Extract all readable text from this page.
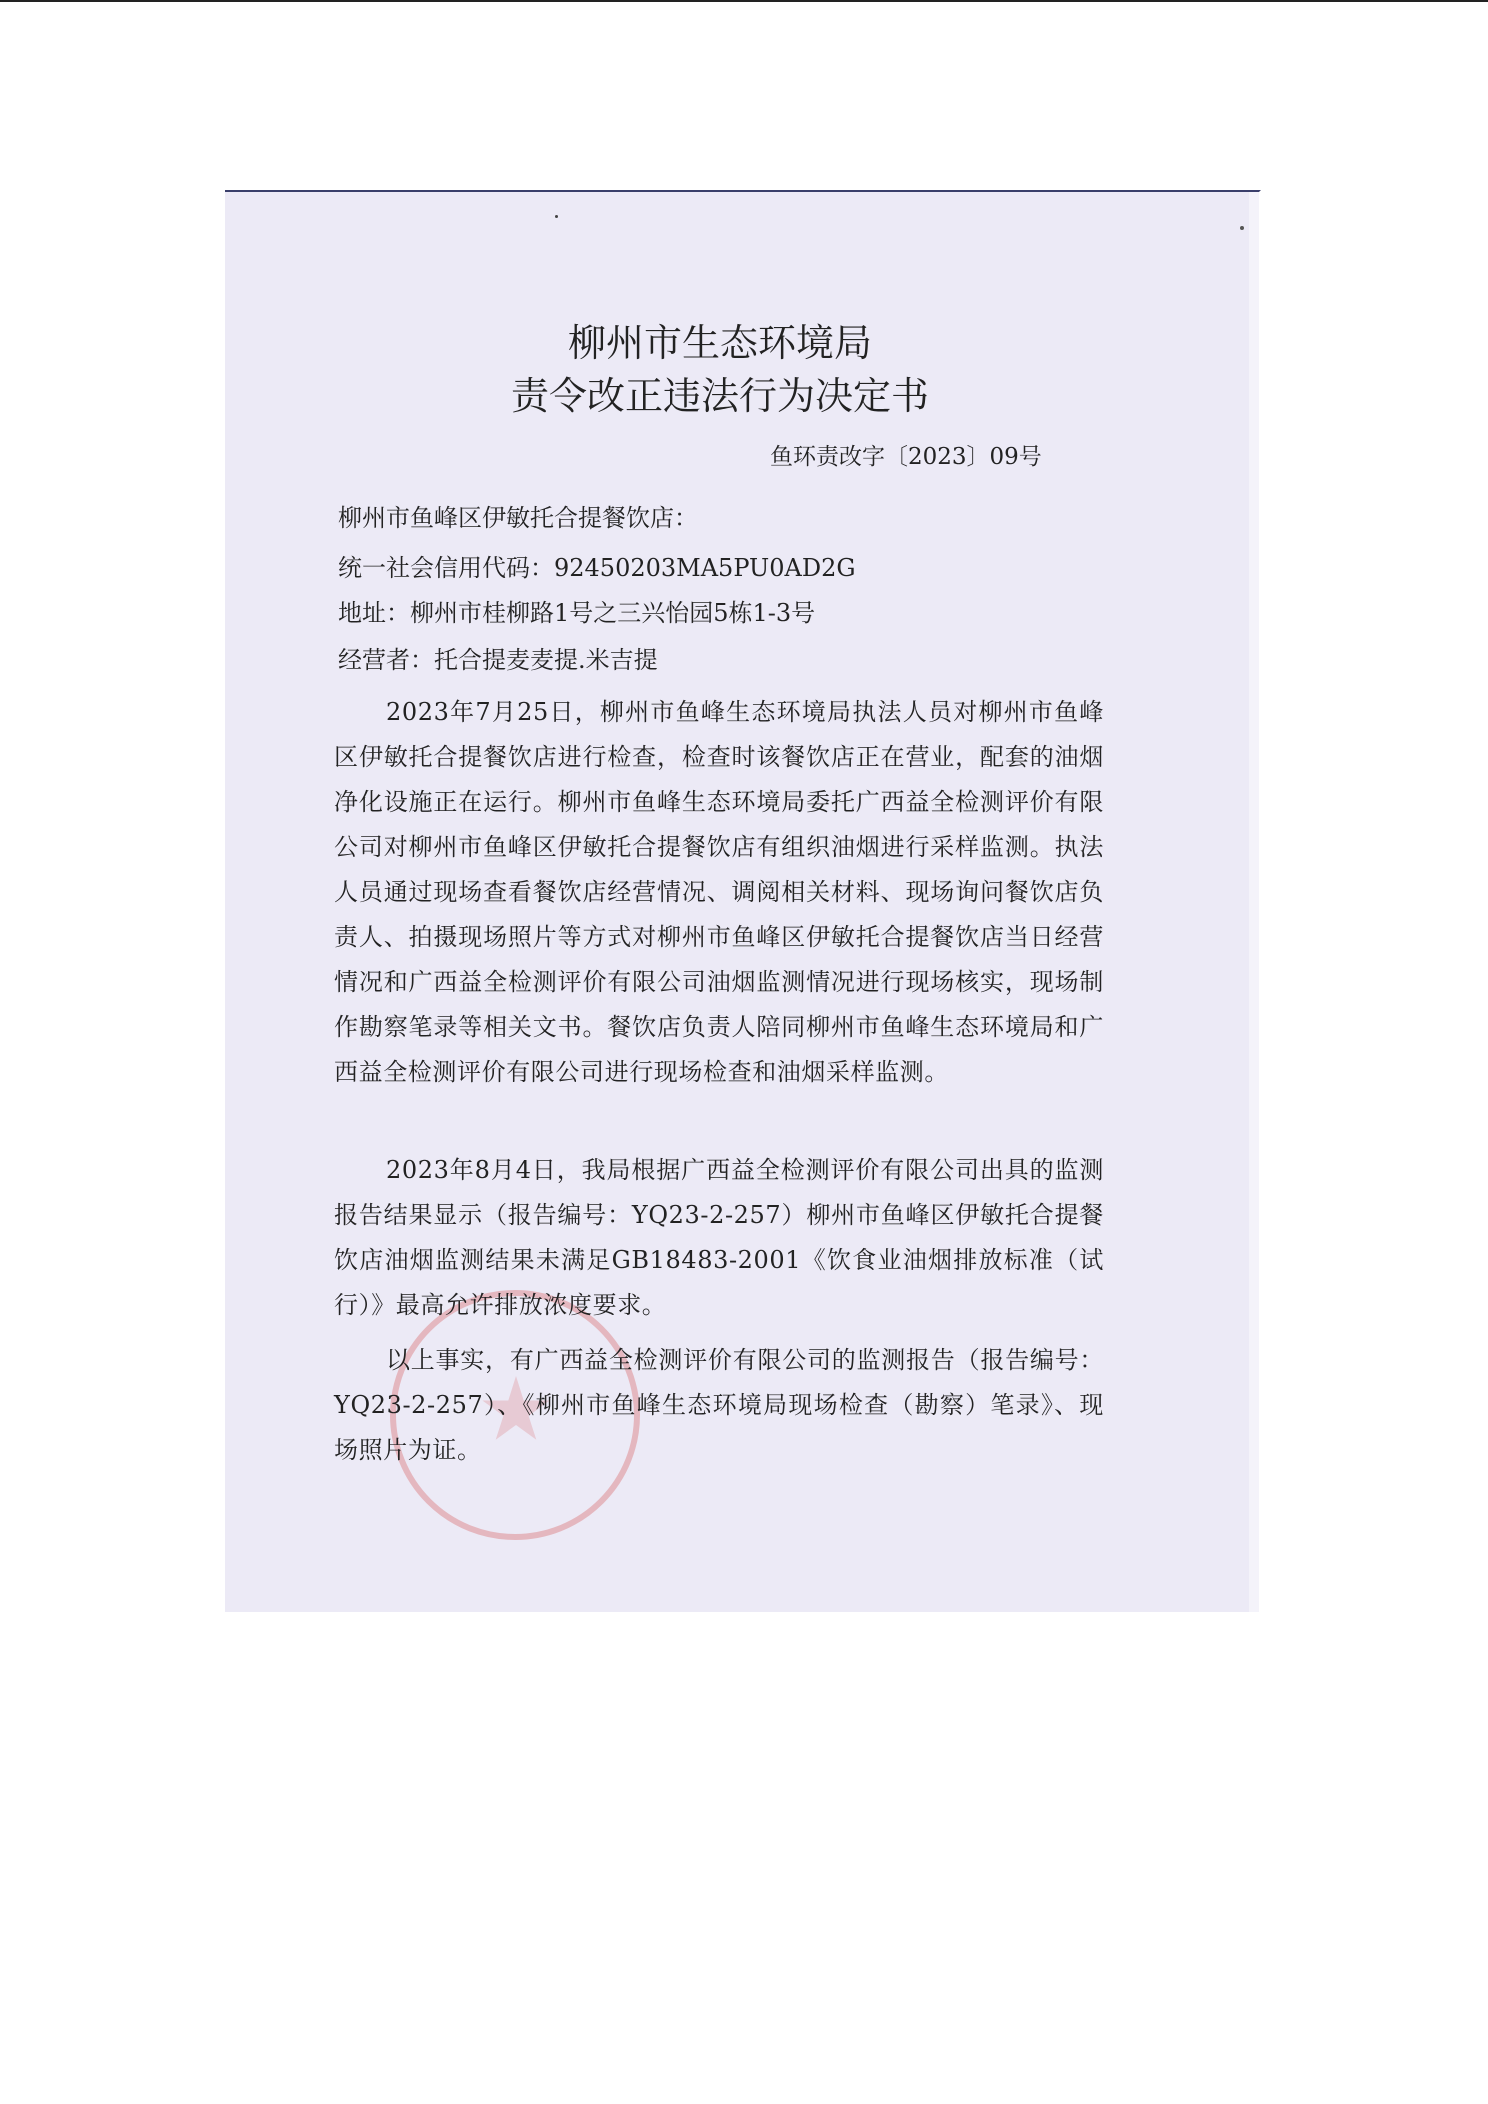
柳州市生态环境局
责令改正违法行为决定书
鱼环责改字〔2023〕09号
柳州市鱼峰区伊敏托合提餐饮店：
统一社会信用代码：92450203MA5PU0AD2G
地址：柳州市桂柳路1号之三兴怡园5栋1-3号
经营者：托合提麦麦提.米吉提
2023年7月25日，柳州市鱼峰生态环境局执法人员对柳州市鱼峰区伊敏托合提餐饮店进行检查，检查时该餐饮店正在营业，配套的油烟净化设施正在运行。柳州市鱼峰生态环境局委托广西益全检测评价有限公司对柳州市鱼峰区伊敏托合提餐饮店有组织油烟进行采样监测。执法人员通过现场查看餐饮店经营情况、调阅相关材料、现场询问餐饮店负责人、拍摄现场照片等方式对柳州市鱼峰区伊敏托合提餐饮店当日经营情况和广西益全检测评价有限公司油烟监测情况进行现场核实，现场制作勘察笔录等相关文书。餐饮店负责人陪同柳州市鱼峰生态环境局和广西益全检测评价有限公司进行现场检查和油烟采样监测。
2023年8月4日，我局根据广西益全检测评价有限公司出具的监测报告结果显示（报告编号：YQ23-2-257）柳州市鱼峰区伊敏托合提餐饮店油烟监测结果未满足GB18483-2001《饮食业油烟排放标准（试行）》最高允许排放浓度要求。
以上事实，有广西益全检测评价有限公司的监测报告（报告编号：YQ23-2-257）、《柳州市鱼峰生态环境局现场检查（勘察）笔录》、现场照片为证。
